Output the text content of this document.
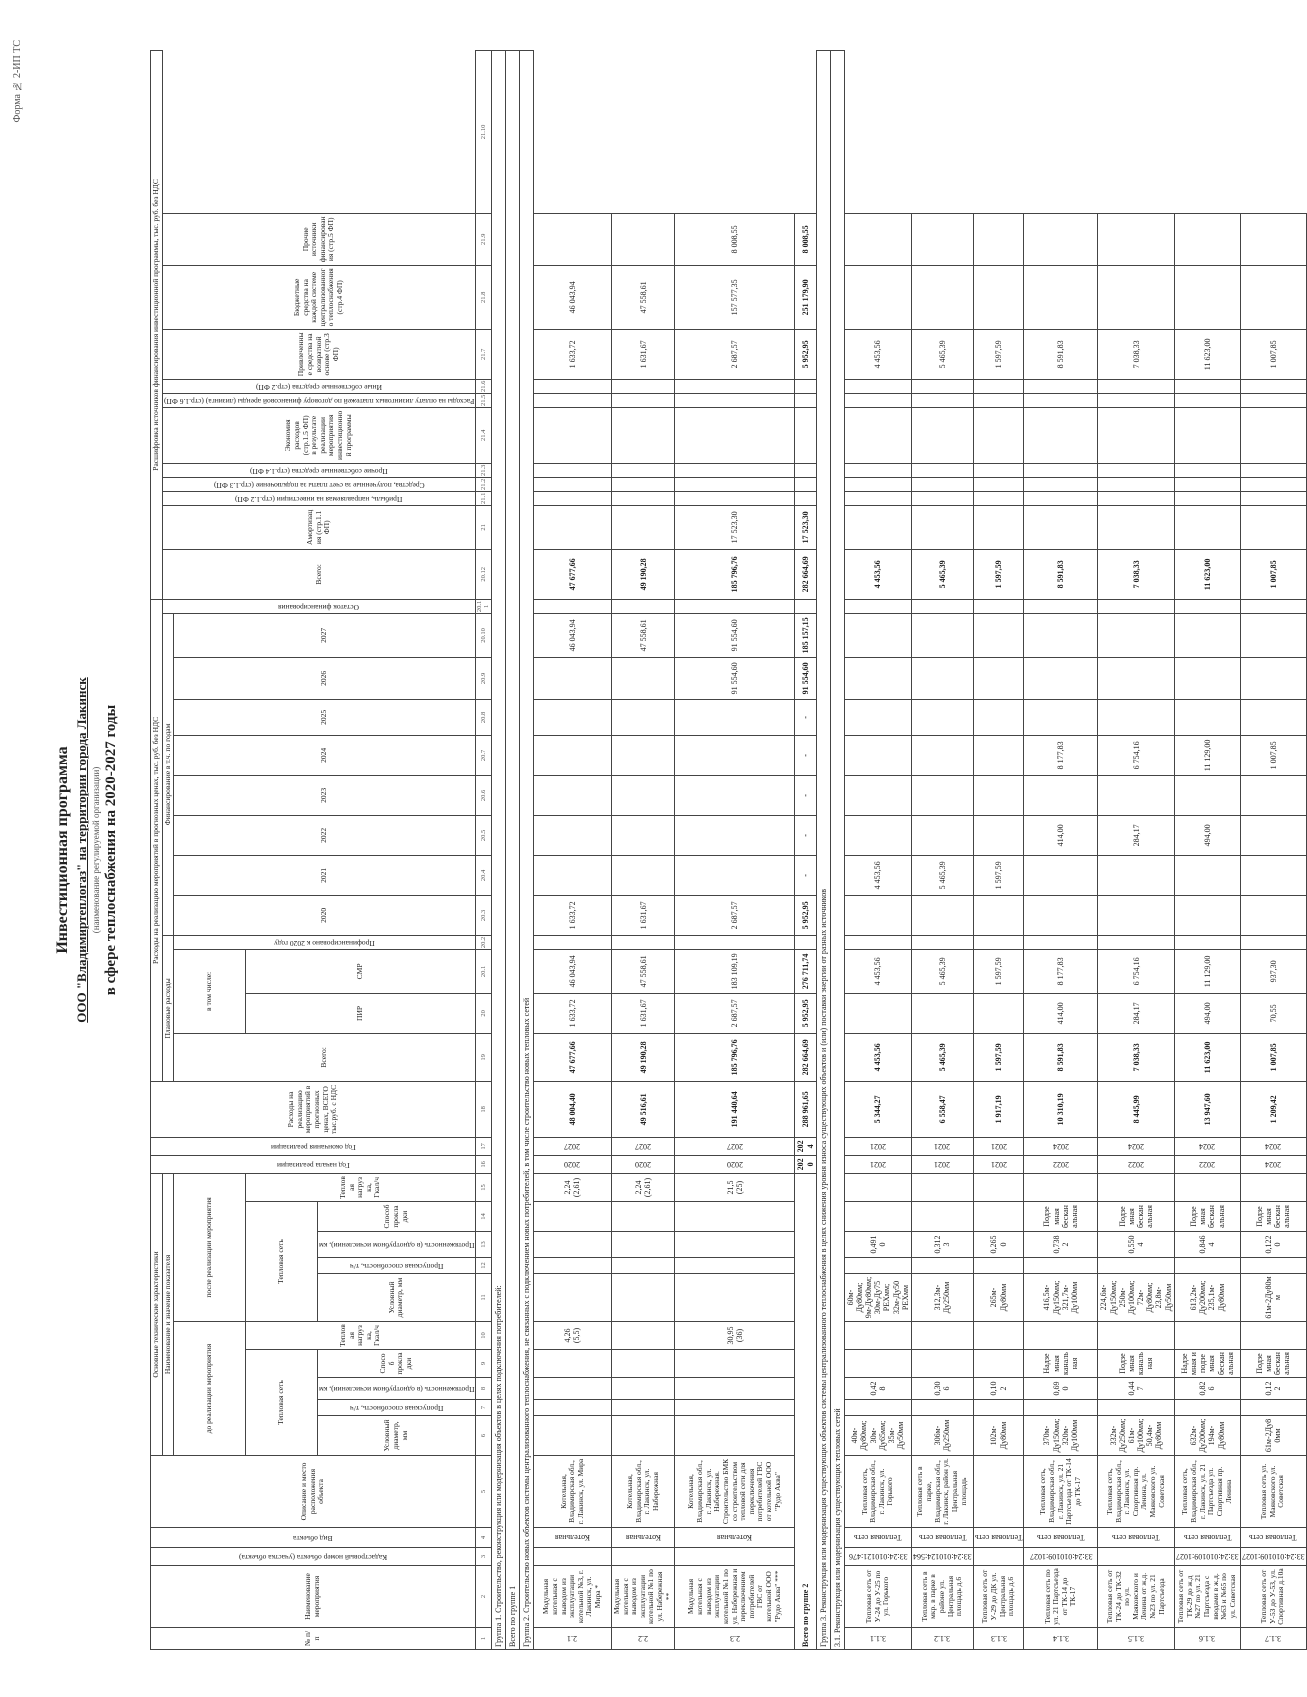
Форма № 2-ИП ТС
Инвестиционная программа ООО "Владимиртеплогаз" на территории города Лакинск (наименование регулируемой организации) в сфере теплоснабжения на 2020-2027 годы
№ п/п	Наименование мероприятия	Кадастровый номер объекта (участка объекта)	Вид объекта	Описание и место расположения объекта	Основные технические характеристики										Год начала реализации	Год окончания реализации	Расходы на реализацию мероприятий в прогнозных ценах, ВСЕГО тыс.руб. с НДС	Расходы на реализацию мероприятий в прогнозных ценах, тыс. руб. без НДС													Расшифровка источников финансирования инвестиционной программы, тыс. руб. без НДС											
					Наименование и значение показателя													Плановые расходы				Финансирование в т.ч. по годам								Остаток финансирования	Всего:	Амортизация (стр.1.1 ФП)	Прибыль, направляемая на инвестиции (стр.1.2 ФП)	Средства, полученные за счет платы за подключение (стр.1.3 ФП)	Прочие собственные средства (стр.1.4 ФП)	Экономия расходов (стр.1.5 ФП)
в результате реализации мероприятия инвестиционной программы	Расходы на оплату лизинговых платежей по договору финансовой аренды (лизинга) (стр.1.6 ФП)	Иные собственные средства (стр.2 ФП)	Привлеченные средства на возвратной основе (стр.3 ФП)	Бюджетные средства на каждой системе централизованного теплоснабжения (стр.4 ФП)	Прочие источники финансирования (стр.5 ФП)	
					до реализации мероприятия					после реализации мероприятия								Всего:	в том числе:		Профинансировано к 2020 году	2020	2021	2022	2023	2024	2025	2026	2027													
					Тепловая сеть				Тепловая нагрузка, Гкал/ч	Тепловая сеть				Тепловая нагрузка, Гкал/ч					ПИР	СМР																						
					Условный диаметр, мм	Пропускная способность, т/ч	Протяженность (в однотрубном исчислении), км	Способ прокладки		Условный диаметр, мм	Пропускная способность, т/ч	Протяженность (в однотрубном исчислении), км	Способ прокладки																													
1	2	3	4	5	6	7	8	9	10	11	12	13	14	15	16	17	18	19	20	20.1	20.2	20.3	20.4	20.5	20.6	20.7	20.8	20.9	20.10	20.11	20.12	21	21.1	21.2	21.3	21.4	21.5	21.6	21.7	21.8	21.9	21.10
Группа 1. Строительство, реконструкция или модернизация объектов в целях подключения потребителей:																																										
Всего по группе 1																																										
Группа 2. Строительство новых объектов системы централизованного теплоснабжения, не связанных с подключением новых потребителей, в том числе строительство новых тепловых сетей																																										

2.1	Модульная котельная с выводом из эксплуатации котельной №3, г. Лакинск, ул. Мира *		Котельная	Котельная, Владимирская обл., г. Лакинск, ул. Мира					4,26 (5,5)					2,24 (2,61)	2020	2027	48 004,40	47 677,66	1 633,72	46 043,94		1 633,72							46 043,94		47 677,66								1 633,72	46 043,94		

2.2	Модульная котельная с выводом из эксплуатации котельной №1 по ул. Набережная **		Котельная	Котельная, Владимирская обл., г. Лакинск, ул. Набережная										2,24 (2,61)	2020	2027	49 516,61	49 190,28	1 631,67	47 558,61		1 631,67							47 558,61		49 190,28								1 631,67	47 558,61		

2.3	Модульная котельная с выводом из эксплуатации котельной №1 по ул. Набережная и переключением потребителей ГВС от котельной ООО "Рудо Аква" ***		Котельная	Котельная, Владимирская обл., г. Лакинск, ул. Набережная. Строительство БМК со строительством тепловой сети для переключения потребителей ГВС от котельной ООО "Рудо Аква"					30,95 (36)					21,5 (25)	2020	2027	191 440,64	185 796,76	2 687,57	183 109,19		2 687,57						91 554,60	91 554,60		185 796,76	17 523,30							2 687,57	157 577,35	8 008,55	
Всего по группе 2															2020	2024	288 961,65	282 664,69	5 952,95	276 711,74		5 952,95	-	-	-	-	-	91 554,60	185 157,15		282 664,69	17 523,30							5 952,95	251 179,90	8 008,55	
Группа 3. Реконструкция или модернизация существующих объектов системы централизованного теплоснабжения в целях снижения уровня износа существующих объектов и (или) поставки энергии от разных источников																																										
3.1. Реконструкция или модернизация существующих тепловых сетей																																										

3.1.1	Тепловая сеть от У-24 до У-25 по ул. Горького	33:24:010121:476	Тепловая сеть	Тепловая сеть, Владимирская обл., г. Лакинск, ул. Горького	40м-Ду80мм; 30м-Ду65мм; 35м-Ду50мм		0,428			60м-Ду80мм; 9м-Ду80мм; 30м-Ду75 РЕХмм; 32м-Ду50 РЕХмм		0,4910			2021	2021	5 344,27	4 453,56		4 453,56			4 453,56								4 453,56								4 453,56			

3.1.2	Тепловая сеть в мкр. в парке в районе ул. Центральная площадь д.6	33:24:010124:564	Тепловая сеть	Тепловая сеть в парке, Владимирская обл., г. Лакинск, район ул. Центральная площадь	306м-Ду250мм		0,306			312,3м-Ду250мм		0,3123			2021	2021	6 558,47	5 465,39		5 465,39			5 465,39								5 465,39								5 465,39			

3.1.3	Тепловая сеть от У-29 до ДК ул. Центральная площадь д.6		Тепловая сеть		102м-Ду80мм		0,102			265м-Ду80мм		0,2650			2021	2021	1 917,19	1 597,59		1 597,59			1 597,59								1 597,59								1 597,59			

3.1.4	Тепловая сеть по ул. 21 Партсъезда от ТК-14 до ТК-17	33:24:010109:1027	Тепловая сеть	Тепловая сеть, Владимирская обл., г. Лакинск, ул. 21 Партсъезда от ТК-14 до ТК-17	370м-Ду150мм; 320м-Ду100мм		0,690	Надземная канальная		416,5м-Ду150мм; 321,7м-Ду100мм		0,7382	Подземная бесканальная		2022	2024	10 310,19	8 591,83	414,00	8 177,83				414,00		8 177,83					8 591,83								8 591,83			

3.1.5	Тепловая сеть от ТК-24 до ТК-32 по ул. Маяковского и Ленина от ж.д. №23 по ул. 21 Партсъезда		Тепловая сеть	Тепловая сеть, Владимирская обл., г. Лакинск, ул. Спортивная пр. Ленина, ул. Маяковского ул. Советская	332м-Ду250мм; 61м-Ду100мм; 50,4м-Ду80мм		0,447	Подземная канальная		224,6м-Ду150мм; 250м-Ду100мм; 72м-Ду80мм; 23,8м-Ду50мм		0,5504	Подземная бесканальная		2022	2024	8 445,99	7 038,33	284,17	6 754,16				284,17		6 754,16					7 038,33								7 038,33			

3.1.6	Тепловая сеть от ТК-29 до ж.д №27 по ул. 21 Партсъезда с вводами в ж.д. №63 и №65 по ул. Советская	33:24:010109:1027	Тепловая сеть	Тепловая сеть, Владимирская обл., г. Лакинск, ул. 21 Партсъезда ул. Спортивная пр. Ленина	632м-Ду200мм; 194м-Ду80мм		0,826	Надземная и подземная бесканальная		613,2м-Ду200мм; 235,1м-Ду80мм		0,8464	Подземная бесканальная		2022	2024	13 947,60	11 623,00	494,00	11 129,00				494,00		11 129,00					11 623,00								11 623,00			

3.1.7	Тепловая сеть от У-53 до У-53, ул. Спортивная д.10а	33:24:010109:1027	Тепловая сеть	Тепловая сеть ул. Маяковского ул. Советская	61м-2Ду80мм		0,122	Подземная бесканальная		61м-2Ду80мм		0,1220	Подземная бесканальная		2024	2024	1 209,42	1 007,85	70,55	937,30						1 007,85					1 007,85								1 007,85			
